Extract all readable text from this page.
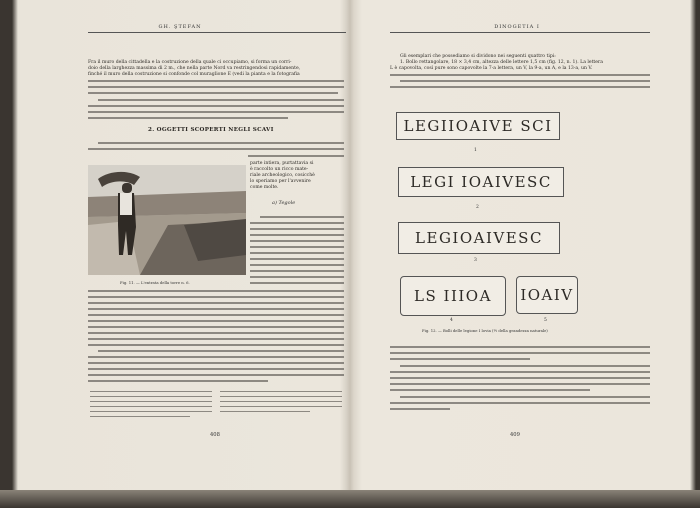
GH. ŞTEFAN
Fra il muro della cittadella e la costruzione della quale ci occupiamo, si forma un corri-
doio della larghezza massima di 2 m., che nella parte Nord va restringendosi rapidamente,
finché il muro della costruzione si confonde col muraglione E (vedi la pianta e la fotografia
2. OGGETTI SCOPERTI NEGLI SCAVI
Fig. 11. — L'entrata della torre n. 6.
parte intiera, purtattavia si
è raccolto un ricco mate-
riale archeologico, cosicchè
lo speriamo per l'avvenire
come molte.
a) Tegole
408
DINOGETIA I
Gli esemplari che possediamo si dividono nei seguenti quattro tipi:
1. Bollo rettangolare, 18 × 3,4 cm, altezza delle lettere 1,5 cm (fig. 12, n. 1). La lettera
L è capovolta, così pure sono capovolte la 7-a lettera, un V, la 9-a, un A, e la 13-a, un V.
LEGIIOAIVE SCI
1
LEGI IOAIVESC
2
LEGIOAIVESC
3
LS IIIOA
4
IOAIV
5
Fig. 12. — Bolli delle legione I Iovia (½ della grandezza naturale)
409
